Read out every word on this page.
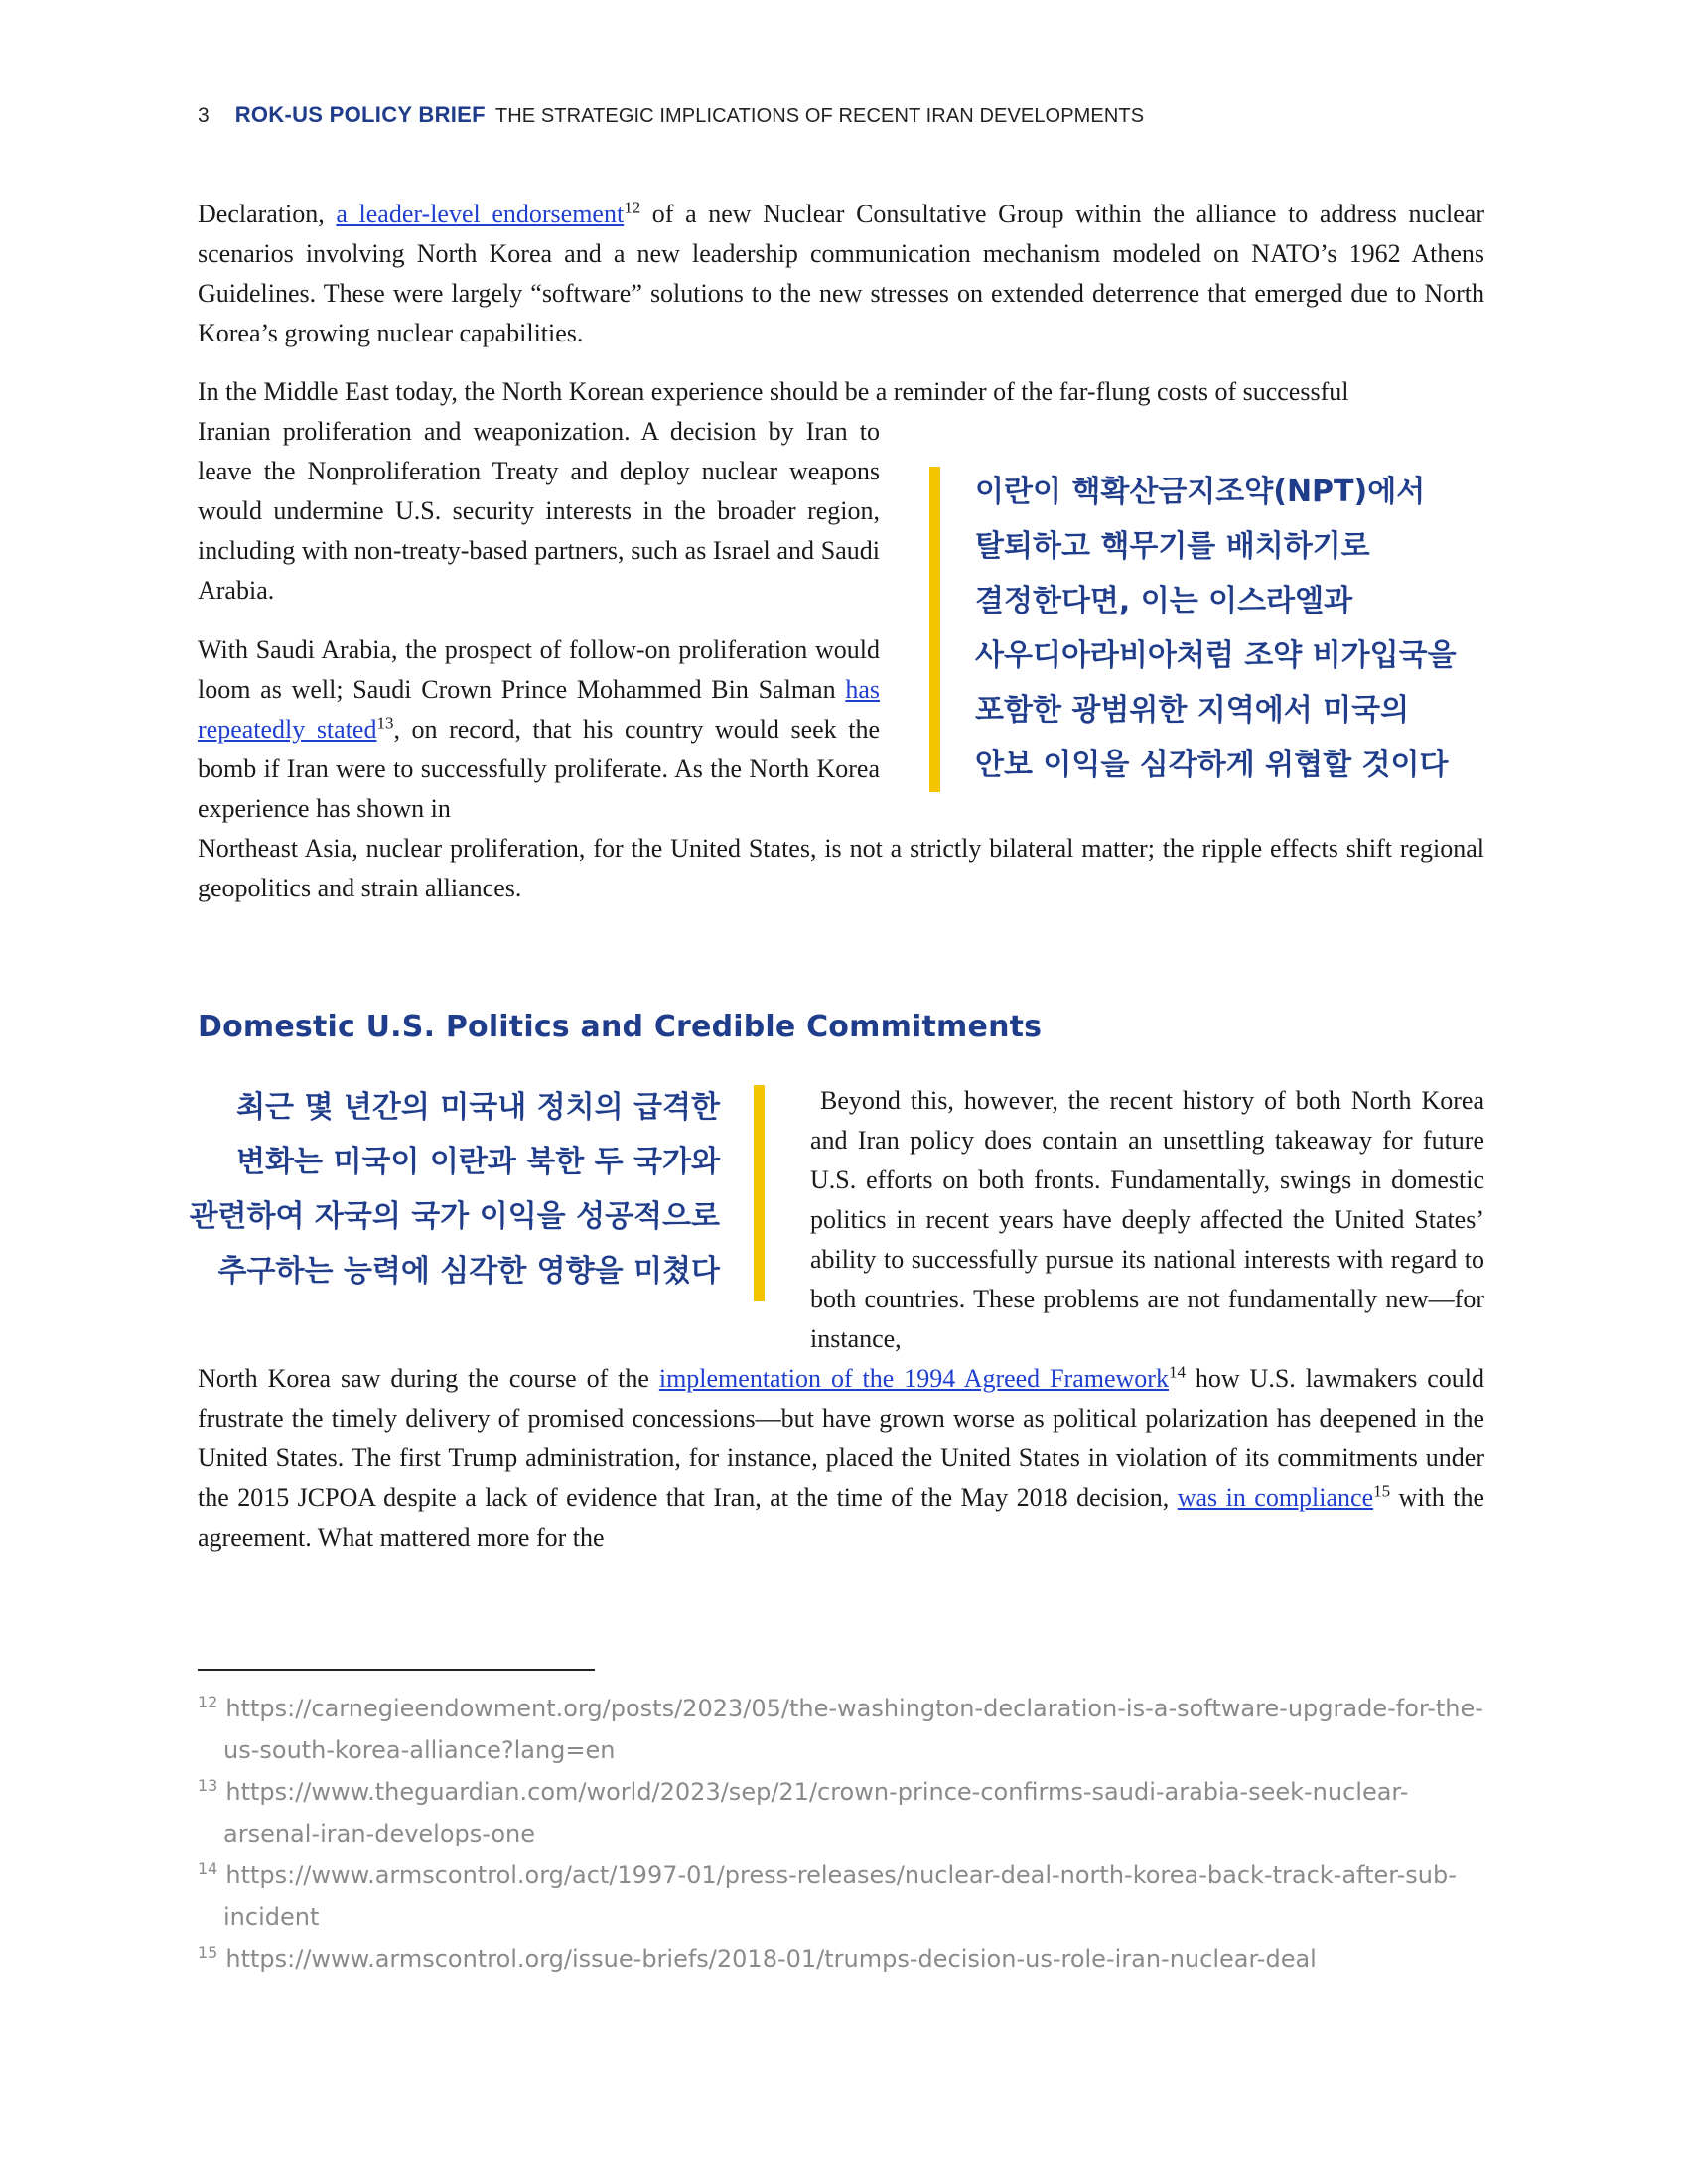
3 ROK-US POLICY BRIEF THE STRATEGIC IMPLICATIONS OF RECENT IRAN DEVELOPMENTS

Declaration, a leader-level endorsement$^{12}$ of a new Nuclear Consultative Group within the alliance to address nuclear scenarios involving North Korea and a new leadership communication mechanism modeled on NATO’s 1962 Athens Guidelines. These were largely “software” solutions to the new stresses on extended deterrence that emerged due to North Korea’s growing nuclear capabilities.

In the Middle East today, the North Korean experience should be a reminder of the far-flung costs of successful

Iranian proliferation and weaponization. A decision by Iran to leave the Nonproliferation Treaty and deploy nuclear weapons would undermine U.S. security interests in the broader region, including with non-treaty-based partners, such as Israel and Saudi Arabia.

With Saudi Arabia, the prospect of follow-on proliferation would loom as well; Saudi Crown Prince Mohammed Bin Salman has repeatedly stated$^{13}$, on record, that his country would seek the bomb if Iran were to successfully proliferate. As the North Korea experience has shown in

Northeast Asia, nuclear proliferation, for the United States, is not a strictly bilateral matter; the ripple effects shift regional geopolitics and strain alliances.

이란이 핵확산금지조약(NPT)에서
탈퇴하고 핵무기를 배치하기로
결정한다면, 이는 이스라엘과
사우디아라비아처럼 조약 비가입국을
포함한 광범위한 지역에서 미국의
안보 이익을 심각하게 위협할 것이다
Domestic U.S. Politics and Credible Commitments
최근 몇 년간의 미국내 정치의 급격한
변화는 미국이 이란과 북한 두 국가와
관련하여 자국의 국가 이익을 성공적으로
추구하는 능력에 심각한 영향을 미쳤다

Beyond this, however, the recent history of both North Korea and Iran policy does contain an unsettling takeaway for future U.S. efforts on both fronts. Fundamentally, swings in domestic politics in recent years have deeply affected the United States’ ability to successfully pursue its national interests with regard to both countries. These problems are not fundamentally new—for instance,

North Korea saw during the course of the implementation of the 1994 Agreed Framework$^{14}$ how U.S. lawmakers could frustrate the timely delivery of promised concessions—but have grown worse as political polarization has deepened in the United States. The first Trump administration, for instance, placed the United States in violation of its commitments under the 2015 JCPOA despite a lack of evidence that Iran, at the time of the May 2018 decision, was in compliance$^{15}$ with the agreement. What mattered more for the

$^{12}$ https://carnegieendowment.org/posts/2023/05/the-washington-declaration-is-a-software-upgrade-for-the-us-south-korea-alliance?lang=en

$^{13}$ https://www.theguardian.com/world/2023/sep/21/crown-prince-confirms-saudi-arabia-seek-nuclear-arsenal-iran-develops-one

$^{14}$ https://www.armscontrol.org/act/1997-01/press-releases/nuclear-deal-north-korea-back-track-after-sub-incident

$^{15}$ https://www.armscontrol.org/issue-briefs/2018-01/trumps-decision-us-role-iran-nuclear-deal
